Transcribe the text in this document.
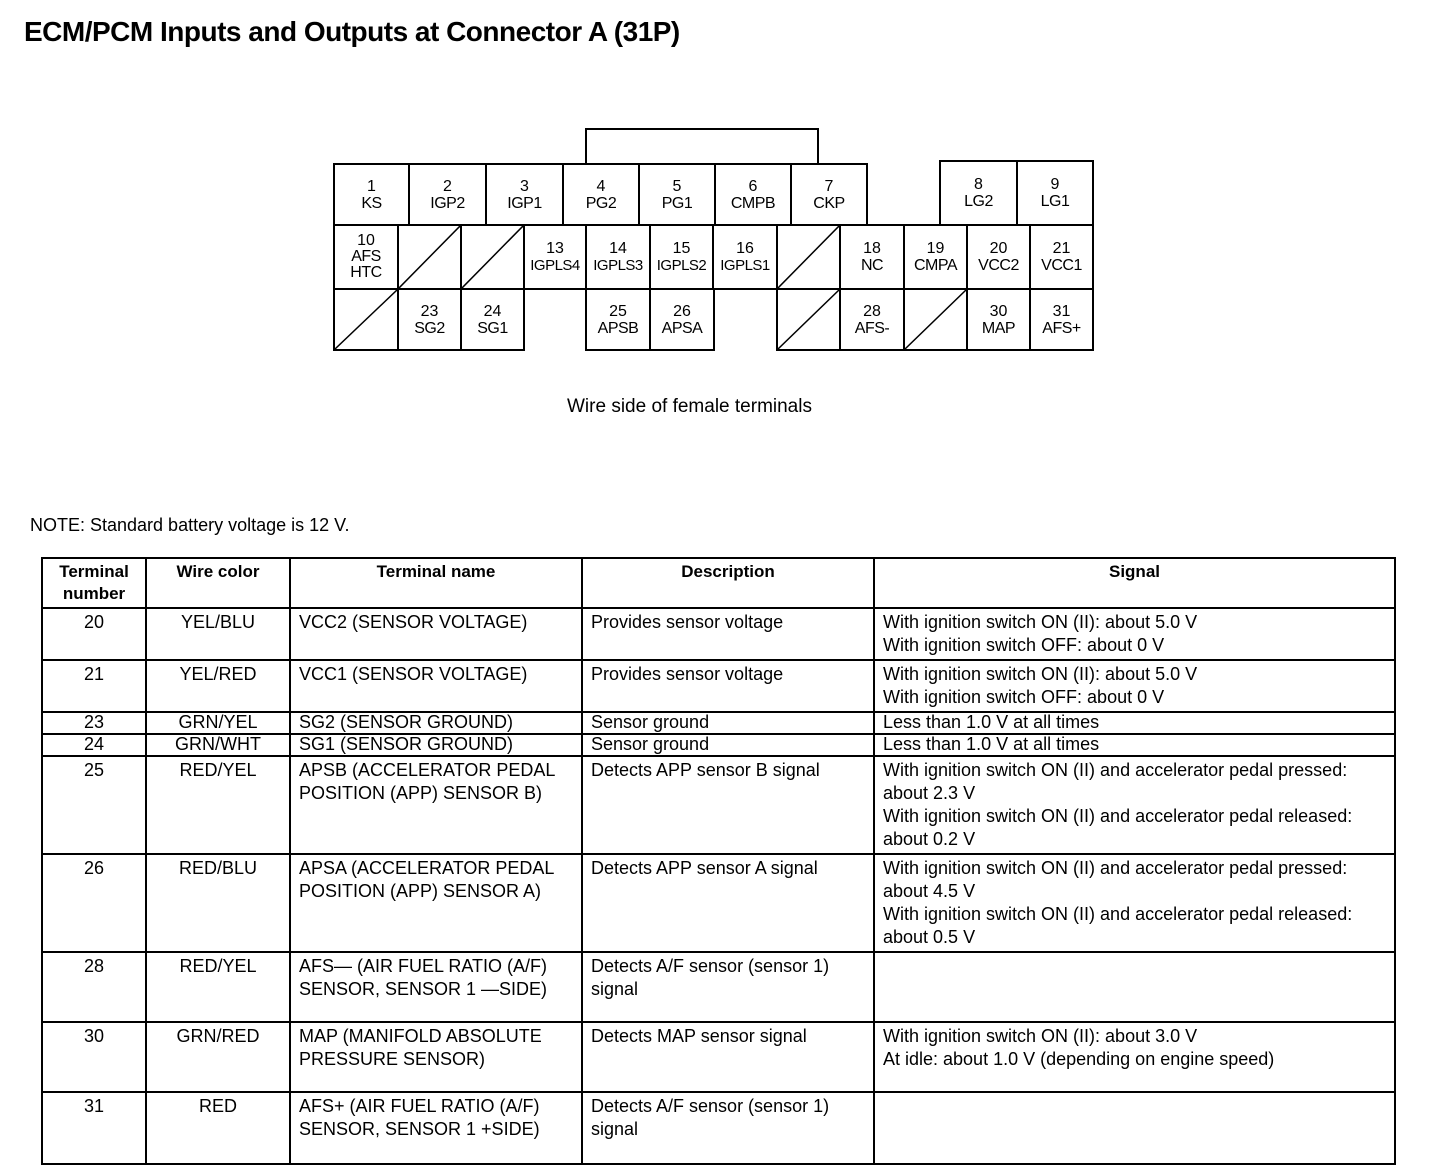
ECM/PCM Inputs and Outputs at Connector A (31P)
1
KS
2
IGP2
3
IGP1
4
PG2
5
PG1
6
CMPB
7
CKP
8
LG2
9
LG1
10
AFS HTC
13
IGPLS4
14
IGPLS3
15
IGPLS2
16
IGPLS1
18
NC
19
CMPA
20
VCC2
21
VCC1
23
SG2
24
SG1
25
APSB
26
APSA
28
AFS-
30
MAP
31
AFS+
Wire side of female terminals
NOTE: Standard battery voltage is 12 V.
Terminal number	Wire color	Terminal name	Description	Signal
20	YEL/BLU	VCC2 (SENSOR VOLTAGE)	Provides sensor voltage	With ignition switch ON (II): about 5.0 V
With ignition switch OFF: about 0 V

21	YEL/RED	VCC1 (SENSOR VOLTAGE)	Provides sensor voltage	With ignition switch ON (II): about 5.0 V
With ignition switch OFF: about 0 V

23	GRN/YEL	SG2 (SENSOR GROUND)	Sensor ground	Less than 1.0 V at all times

24	GRN/WHT	SG1 (SENSOR GROUND)	Sensor ground	Less than 1.0 V at all times

25	RED/YEL	APSB (ACCELERATOR PEDAL POSITION (APP) SENSOR B)	Detects APP sensor B signal	With ignition switch ON (II) and accelerator pedal pressed: about 2.3 V
With ignition switch ON (II) and accelerator pedal released: about 0.2 V

26	RED/BLU	APSA (ACCELERATOR PEDAL POSITION (APP) SENSOR A)	Detects APP sensor A signal	With ignition switch ON (II) and accelerator pedal pressed: about 4.5 V
With ignition switch ON (II) and accelerator pedal released: about 0.5 V

28	RED/YEL	AFS— (AIR FUEL RATIO (A/F) SENSOR, SENSOR 1 —SIDE)	Detects A/F sensor (sensor 1) signal	
30	GRN/RED	MAP (MANIFOLD ABSOLUTE PRESSURE SENSOR)	Detects MAP sensor signal	With ignition switch ON (II): about 3.0 V
At idle: about 1.0 V (depending on engine speed)

31	RED	AFS+ (AIR FUEL RATIO (A/F) SENSOR, SENSOR 1 +SIDE)	Detects A/F sensor (sensor 1) signal	
